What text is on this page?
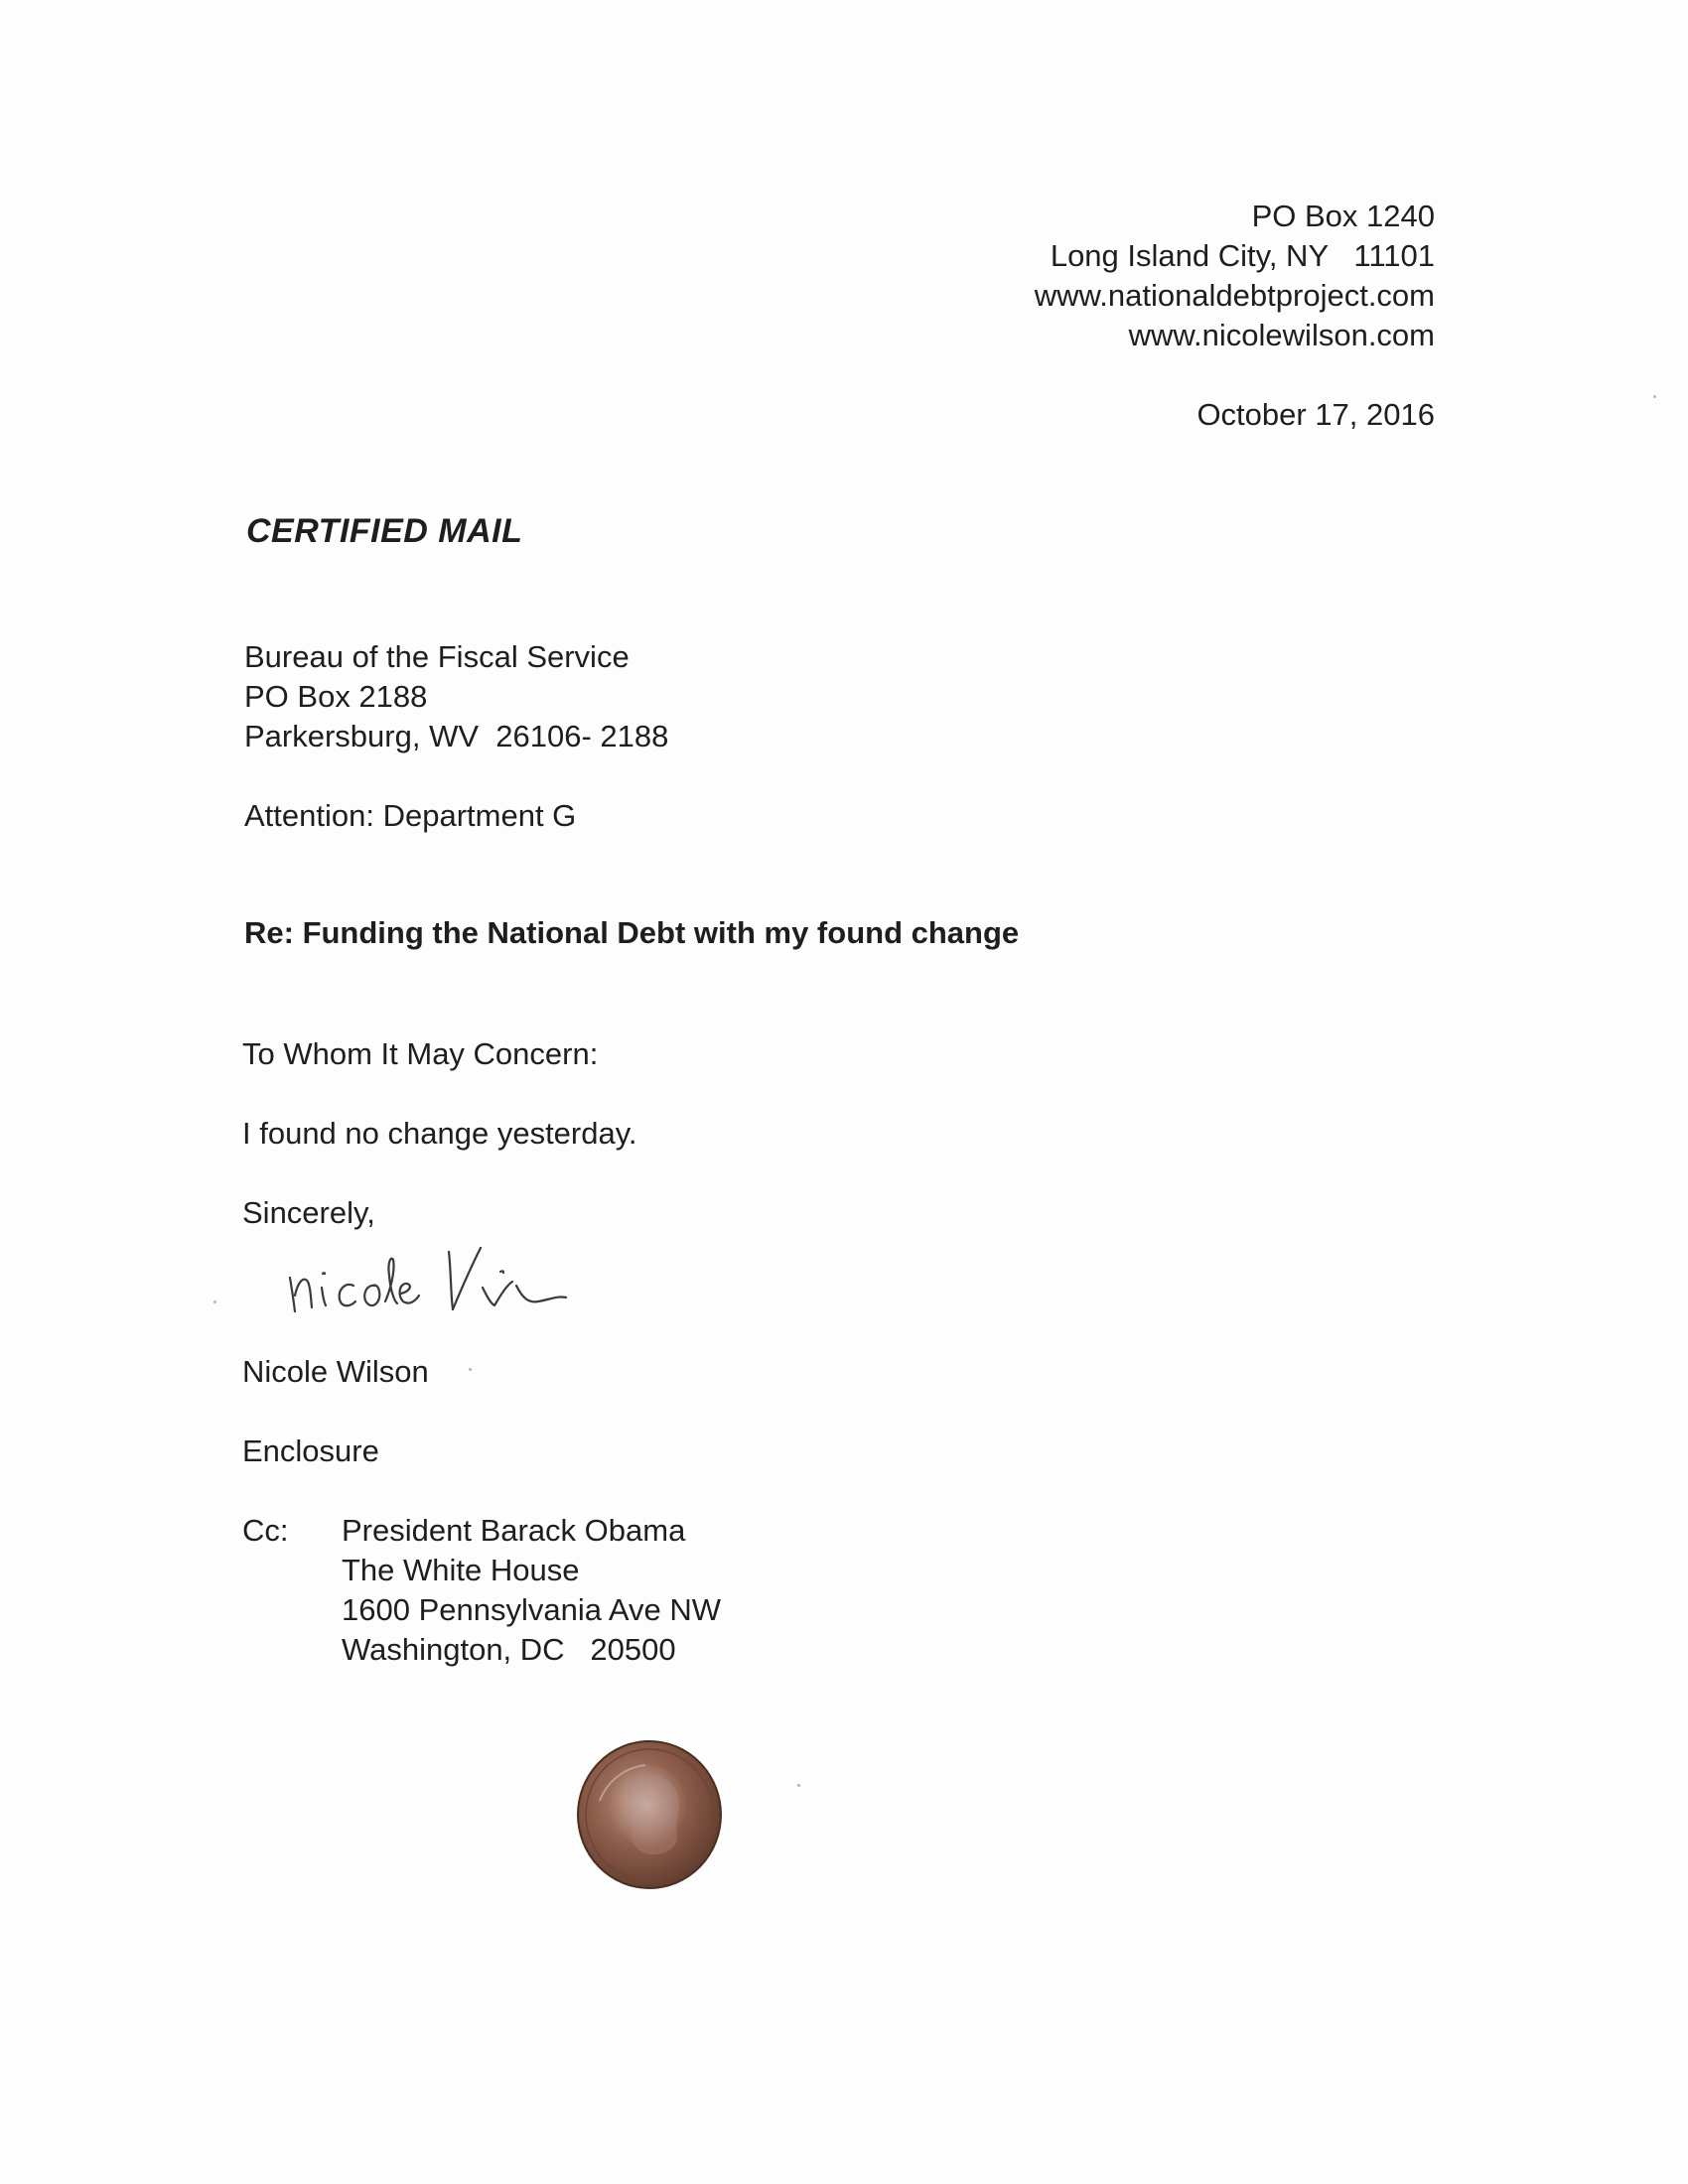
PO Box 1240
Long Island City, NY   11101
www.nationaldebtproject.com
www.nicolewilson.com
October 17, 2016
CERTIFIED MAIL
Bureau of the Fiscal Service
PO Box 2188
Parkersburg, WV  26106- 2188
Attention: Department G
Re: Funding the National Debt with my found change
To Whom It May Concern:
I found no change yesterday.
Sincerely,
Nicole Wilson
Enclosure
Cc: President Barack Obama
The White House
1600 Pennsylvania Ave NW
Washington, DC   20500
